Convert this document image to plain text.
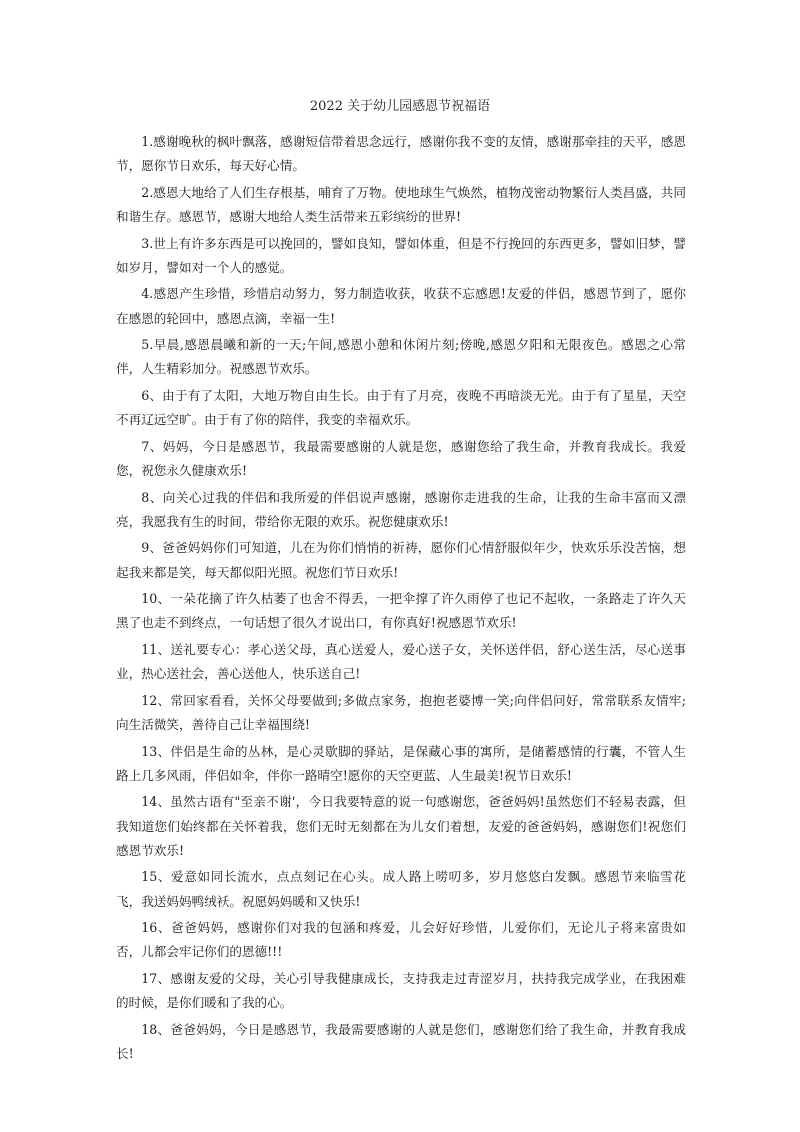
2022 关于幼儿园感恩节祝福语

1.感谢晚秋的枫叶飘落，感谢短信带着思念远行，感谢你我不变的友情，感谢那牵挂的天平，感恩节，愿你节日欢乐，每天好心情。

2.感恩大地给了人们生存根基，哺育了万物。使地球生气焕然，植物茂密动物繁衍人类昌盛，共同和谐生存。感恩节，感谢大地给人类生活带来五彩缤纷的世界!

3.世上有许多东西是可以挽回的，譬如良知，譬如体重，但是不行挽回的东西更多，譬如旧梦，譬如岁月，譬如对一个人的感觉。

4.感恩产生珍惜，珍惜启动努力，努力制造收获，收获不忘感恩!友爱的伴侣，感恩节到了，愿你在感恩的轮回中，感恩点滴，幸福一生!

5.早晨,感恩晨曦和新的一天;午间,感恩小憩和休闲片刻;傍晚,感恩夕阳和无限夜色。感恩之心常伴，人生精彩加分。祝感恩节欢乐。

6、由于有了太阳，大地万物自由生长。由于有了月亮，夜晚不再暗淡无光。由于有了星星，天空不再辽远空旷。由于有了你的陪伴，我变的幸福欢乐。

7、妈妈，今日是感恩节，我最需要感谢的人就是您，感谢您给了我生命，并教育我成长。我爱您，祝您永久健康欢乐!

8、向关心过我的伴侣和我所爱的伴侣说声感谢，感谢你走进我的生命，让我的生命丰富而又漂亮，我愿我有生的时间，带给你无限的欢乐。祝您健康欢乐!

9、爸爸妈妈你们可知道，儿在为你们悄悄的祈祷，愿你们心情舒服似年少，快欢乐乐没苦恼，想起我来都是笑，每天都似阳光照。祝您们节日欢乐!

10、一朵花摘了许久枯萎了也舍不得丢，一把伞撑了许久雨停了也记不起收，一条路走了许久天黑了也走不到终点，一句话想了很久才说出口，有你真好!祝感恩节欢乐!

11、送礼要专心：孝心送父母，真心送爱人，爱心送子女，关怀送伴侣，舒心送生活，尽心送事业，热心送社会，善心送他人，快乐送自己!

12、常回家看看，关怀父母要做到;多做点家务，抱抱老婆博一笑;向伴侣问好，常常联系友情牢;向生活微笑，善待自己让幸福围绕!

13、伴侣是生命的丛林，是心灵歇脚的驿站，是保藏心事的寓所，是储蓄感情的行囊，不管人生路上几多风雨，伴侣如伞，伴你一路晴空!愿你的天空更蓝、人生最美!祝节日欢乐!

14、虽然古语有"至亲不谢'，今日我要特意的说一句感谢您，爸爸妈妈!虽然您们不轻易表露，但我知道您们始终都在关怀着我，您们无时无刻都在为儿女们着想，友爱的爸爸妈妈，感谢您们!祝您们感恩节欢乐!

15、爱意如同长流水，点点刻记在心头。成人路上唠叨多，岁月悠悠白发飘。感恩节来临雪花飞，我送妈妈鸭绒袄。祝愿妈妈暖和又快乐!

16、爸爸妈妈，感谢你们对我的包涵和疼爱，儿会好好珍惜，儿爱你们，无论儿子将来富贵如否，儿都会牢记你们的恩德!!!

17、感谢友爱的父母，关心引导我健康成长，支持我走过青涩岁月，扶持我完成学业，在我困难的时候，是你们暖和了我的心。

18、爸爸妈妈，今日是感恩节，我最需要感谢的人就是您们，感谢您们给了我生命，并教育我成长!
